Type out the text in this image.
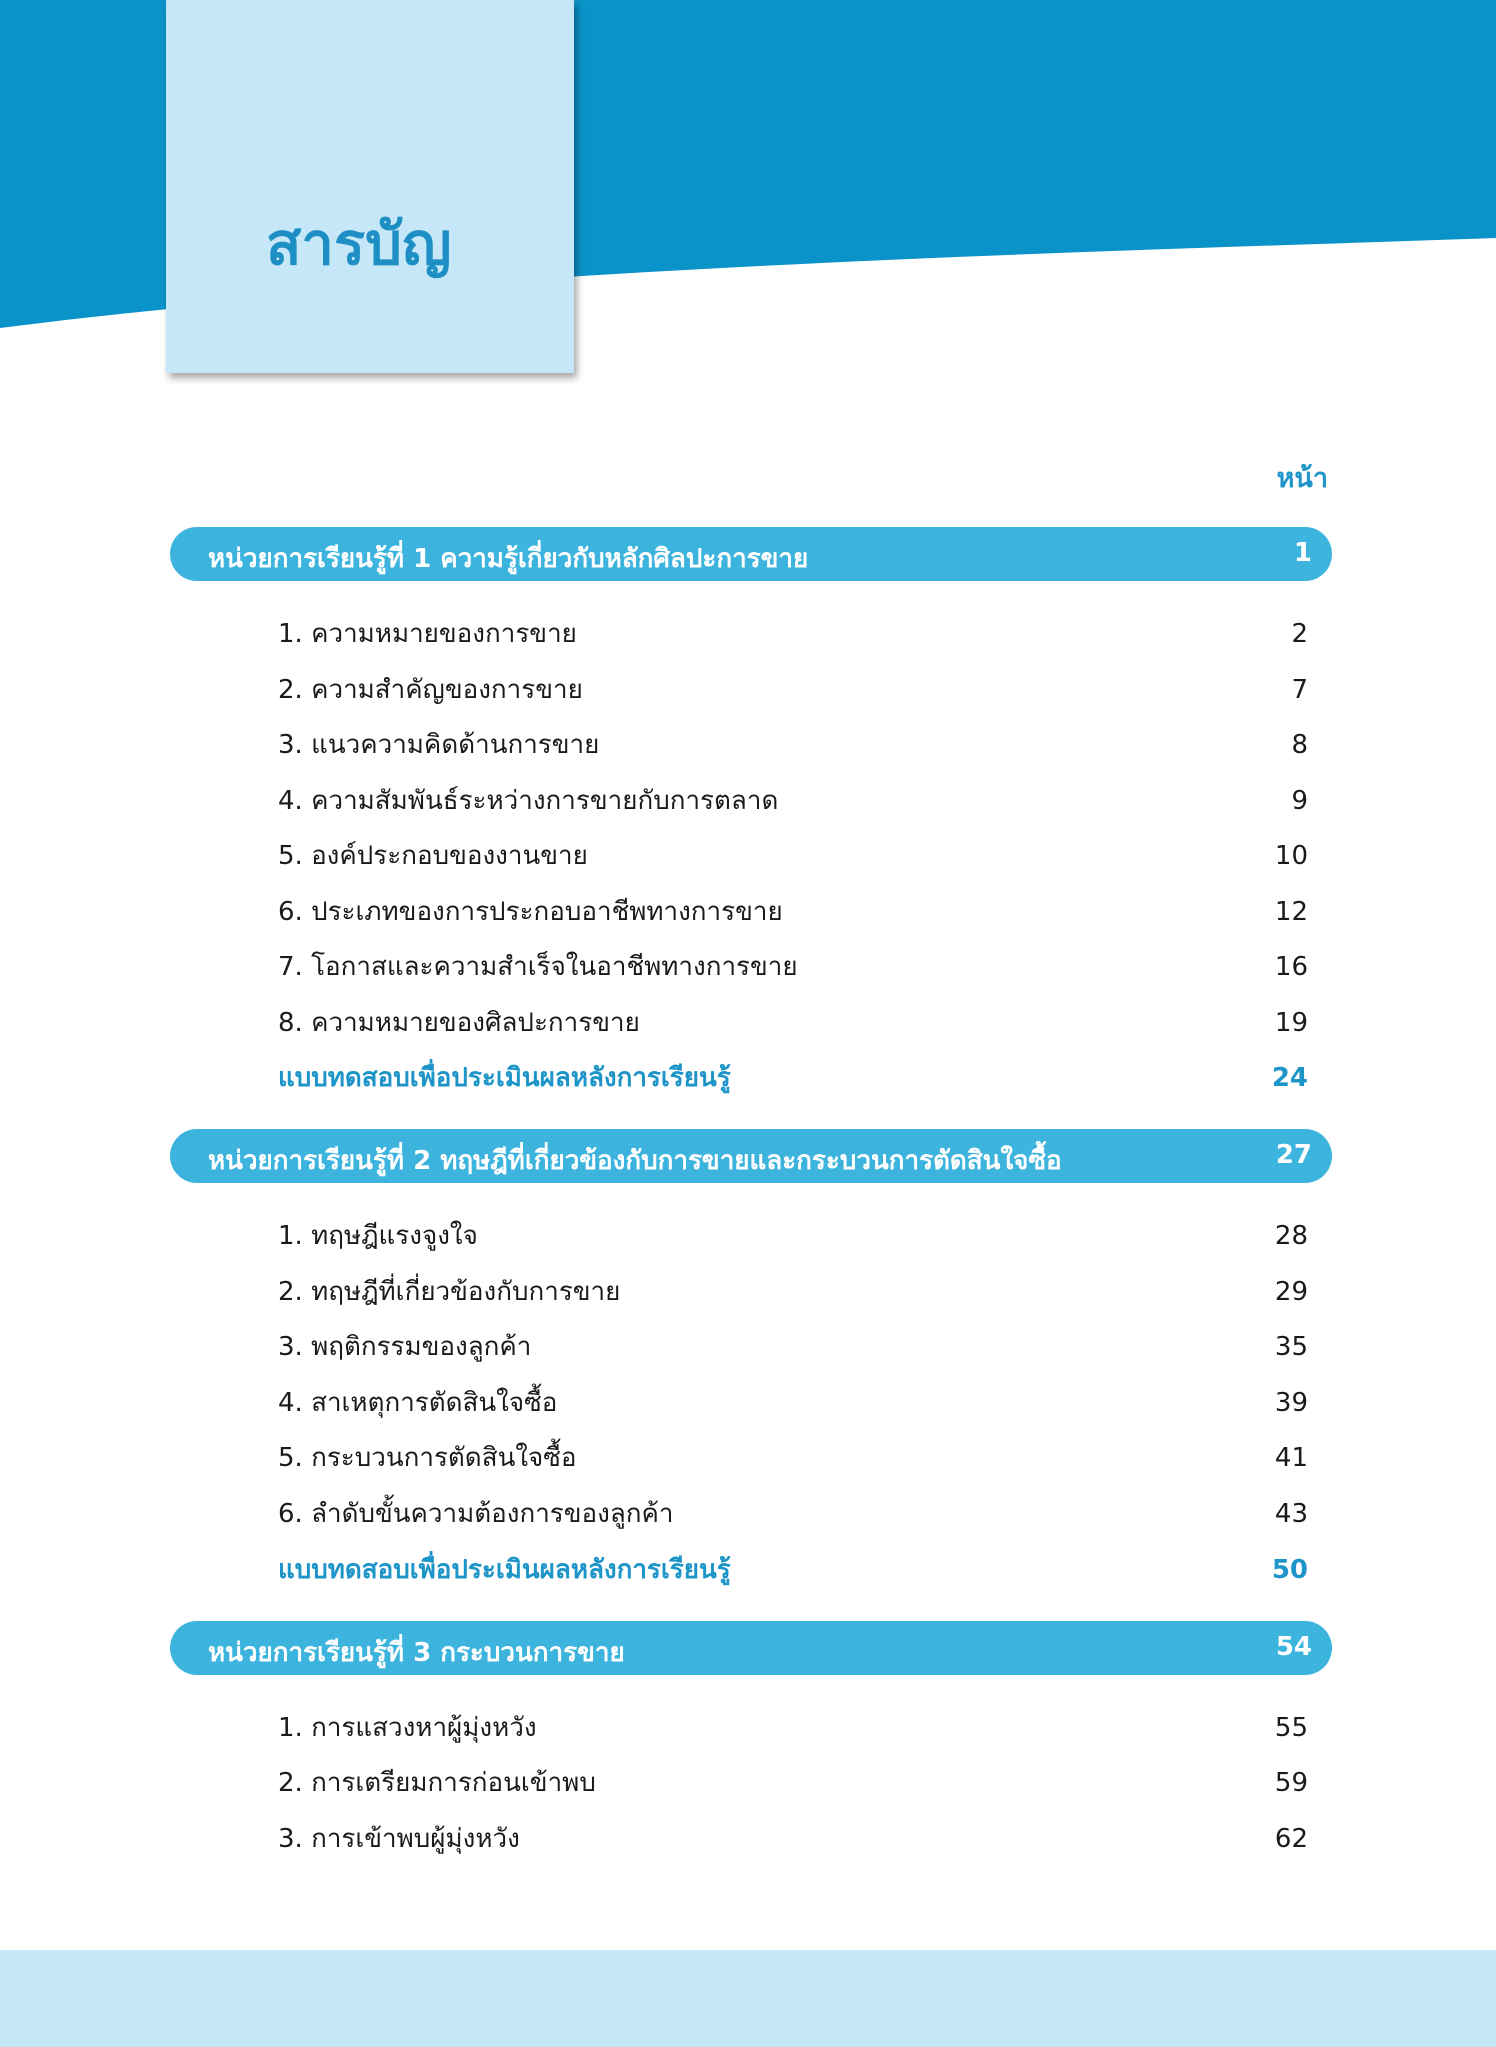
สารบัญ
หน้า
หน่วยการเรียนรู้ที่ 1 ความรู้เกี่ยวกับหลักศิลปะการขาย	1
1. ความหมายของการขาย	2
2. ความสำคัญของการขาย	7
3. แนวความคิดด้านการขาย	8
4. ความสัมพันธ์ระหว่างการขายกับการตลาด	9
5. องค์ประกอบของงานขาย	10
6. ประเภทของการประกอบอาชีพทางการขาย	12
7. โอกาสและความสำเร็จในอาชีพทางการขาย	16
8. ความหมายของศิลปะการขาย	19
แบบทดสอบเพื่อประเมินผลหลังการเรียนรู้	24
หน่วยการเรียนรู้ที่ 2 ทฤษฎีที่เกี่ยวข้องกับการขายและกระบวนการตัดสินใจซื้อ	27
1. ทฤษฎีแรงจูงใจ	28
2. ทฤษฎีที่เกี่ยวข้องกับการขาย	29
3. พฤติกรรมของลูกค้า	35
4. สาเหตุการตัดสินใจซื้อ	39
5. กระบวนการตัดสินใจซื้อ	41
6. ลำดับขั้นความต้องการของลูกค้า	43
แบบทดสอบเพื่อประเมินผลหลังการเรียนรู้	50
หน่วยการเรียนรู้ที่ 3 กระบวนการขาย	54
1. การแสวงหาผู้มุ่งหวัง	55
2. การเตรียมการก่อนเข้าพบ	59
3. การเข้าพบผู้มุ่งหวัง	62
